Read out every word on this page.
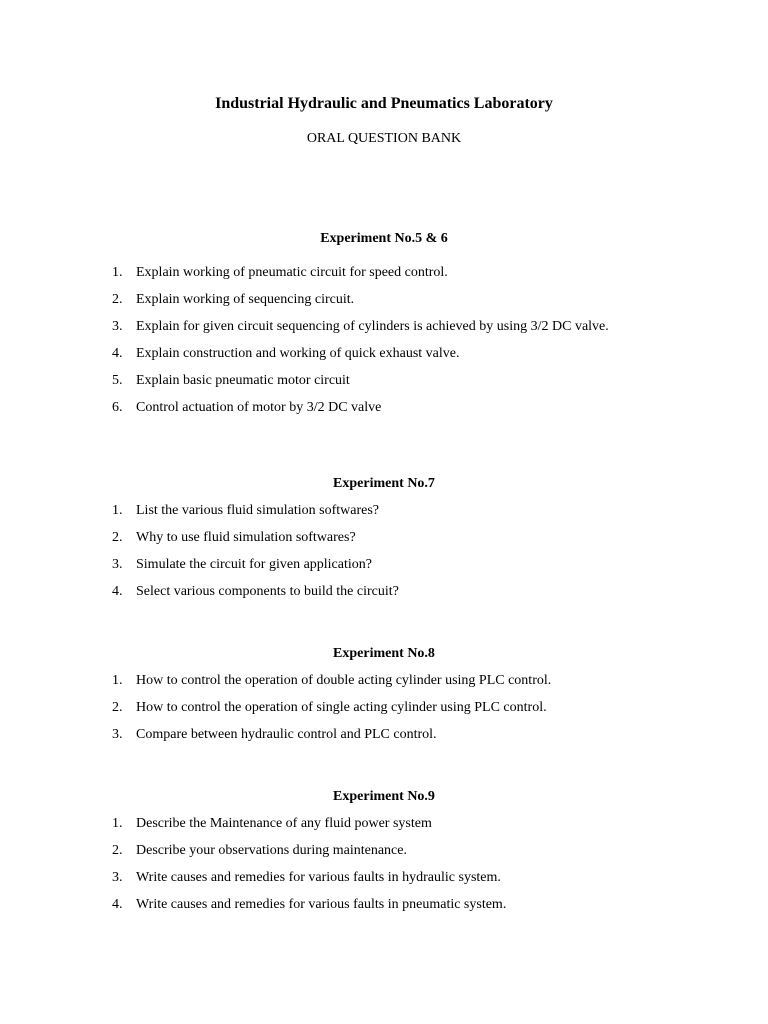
Industrial Hydraulic and Pneumatics Laboratory
ORAL QUESTION BANK
Experiment No.5 & 6
1. Explain working of pneumatic circuit for speed control.
2. Explain working of sequencing circuit.
3. Explain for given circuit sequencing of cylinders is achieved by using 3/2 DC valve.
4. Explain construction and working of quick exhaust valve.
5. Explain basic pneumatic motor circuit
6. Control actuation of motor by 3/2 DC valve
Experiment No.7
1. List the various fluid simulation softwares?
2. Why to use fluid simulation softwares?
3. Simulate the circuit for given application?
4. Select various components to build the circuit?
Experiment No.8
1. How to control the operation of double acting cylinder using PLC control.
2. How to control the operation of single acting cylinder using PLC control.
3. Compare between hydraulic control and PLC control.
Experiment No.9
1. Describe the Maintenance of any fluid power system
2. Describe your observations during maintenance.
3. Write causes and remedies for various faults in hydraulic system.
4. Write causes and remedies for various faults in pneumatic system.
